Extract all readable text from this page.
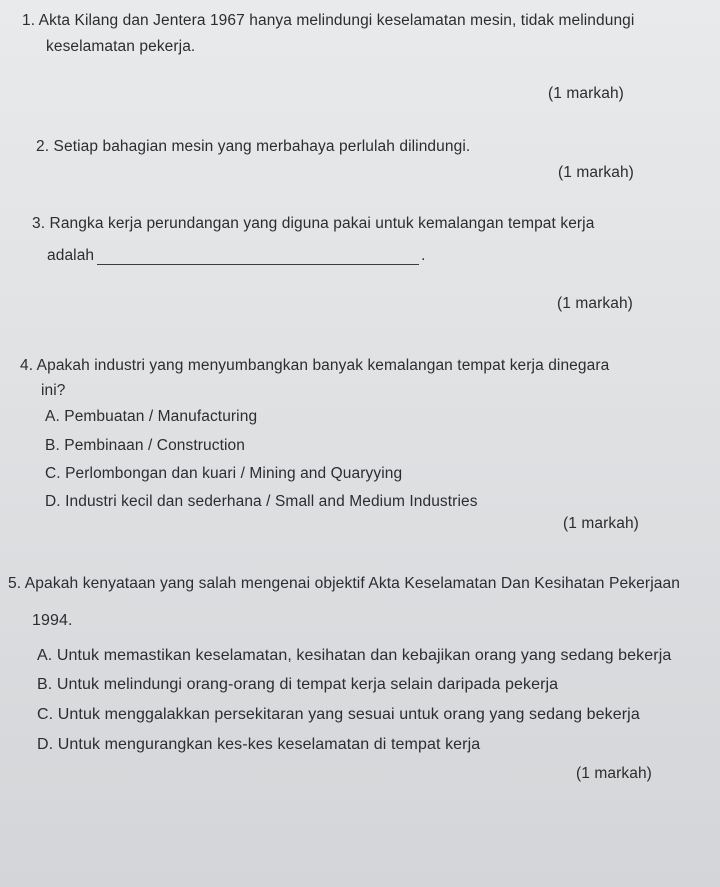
1. Akta Kilang dan Jentera 1967 hanya melindungi keselamatan mesin, tidak melindungi
keselamatan pekerja.
(1 markah)
2. Setiap bahagian mesin yang merbahaya perlulah dilindungi.
(1 markah)
3. Rangka kerja perundangan yang diguna pakai untuk kemalangan tempat kerja
adalah	.
(1 markah)
4. Apakah industri yang menyumbangkan banyak kemalangan tempat kerja dinegara
ini?
A. Pembuatan / Manufacturing
B. Pembinaan / Construction
C. Perlombongan dan kuari / Mining and Quaryying
D. Industri kecil dan sederhana / Small and Medium Industries
(1 markah)
5. Apakah kenyataan yang salah mengenai objektif Akta Keselamatan Dan Kesihatan Pekerjaan
1994.
A. Untuk memastikan keselamatan, kesihatan dan kebajikan orang yang sedang bekerja
B. Untuk melindungi orang-orang di tempat kerja selain daripada pekerja
C. Untuk menggalakkan persekitaran yang sesuai untuk orang yang sedang bekerja
D. Untuk mengurangkan kes-kes keselamatan di tempat kerja
(1 markah)
